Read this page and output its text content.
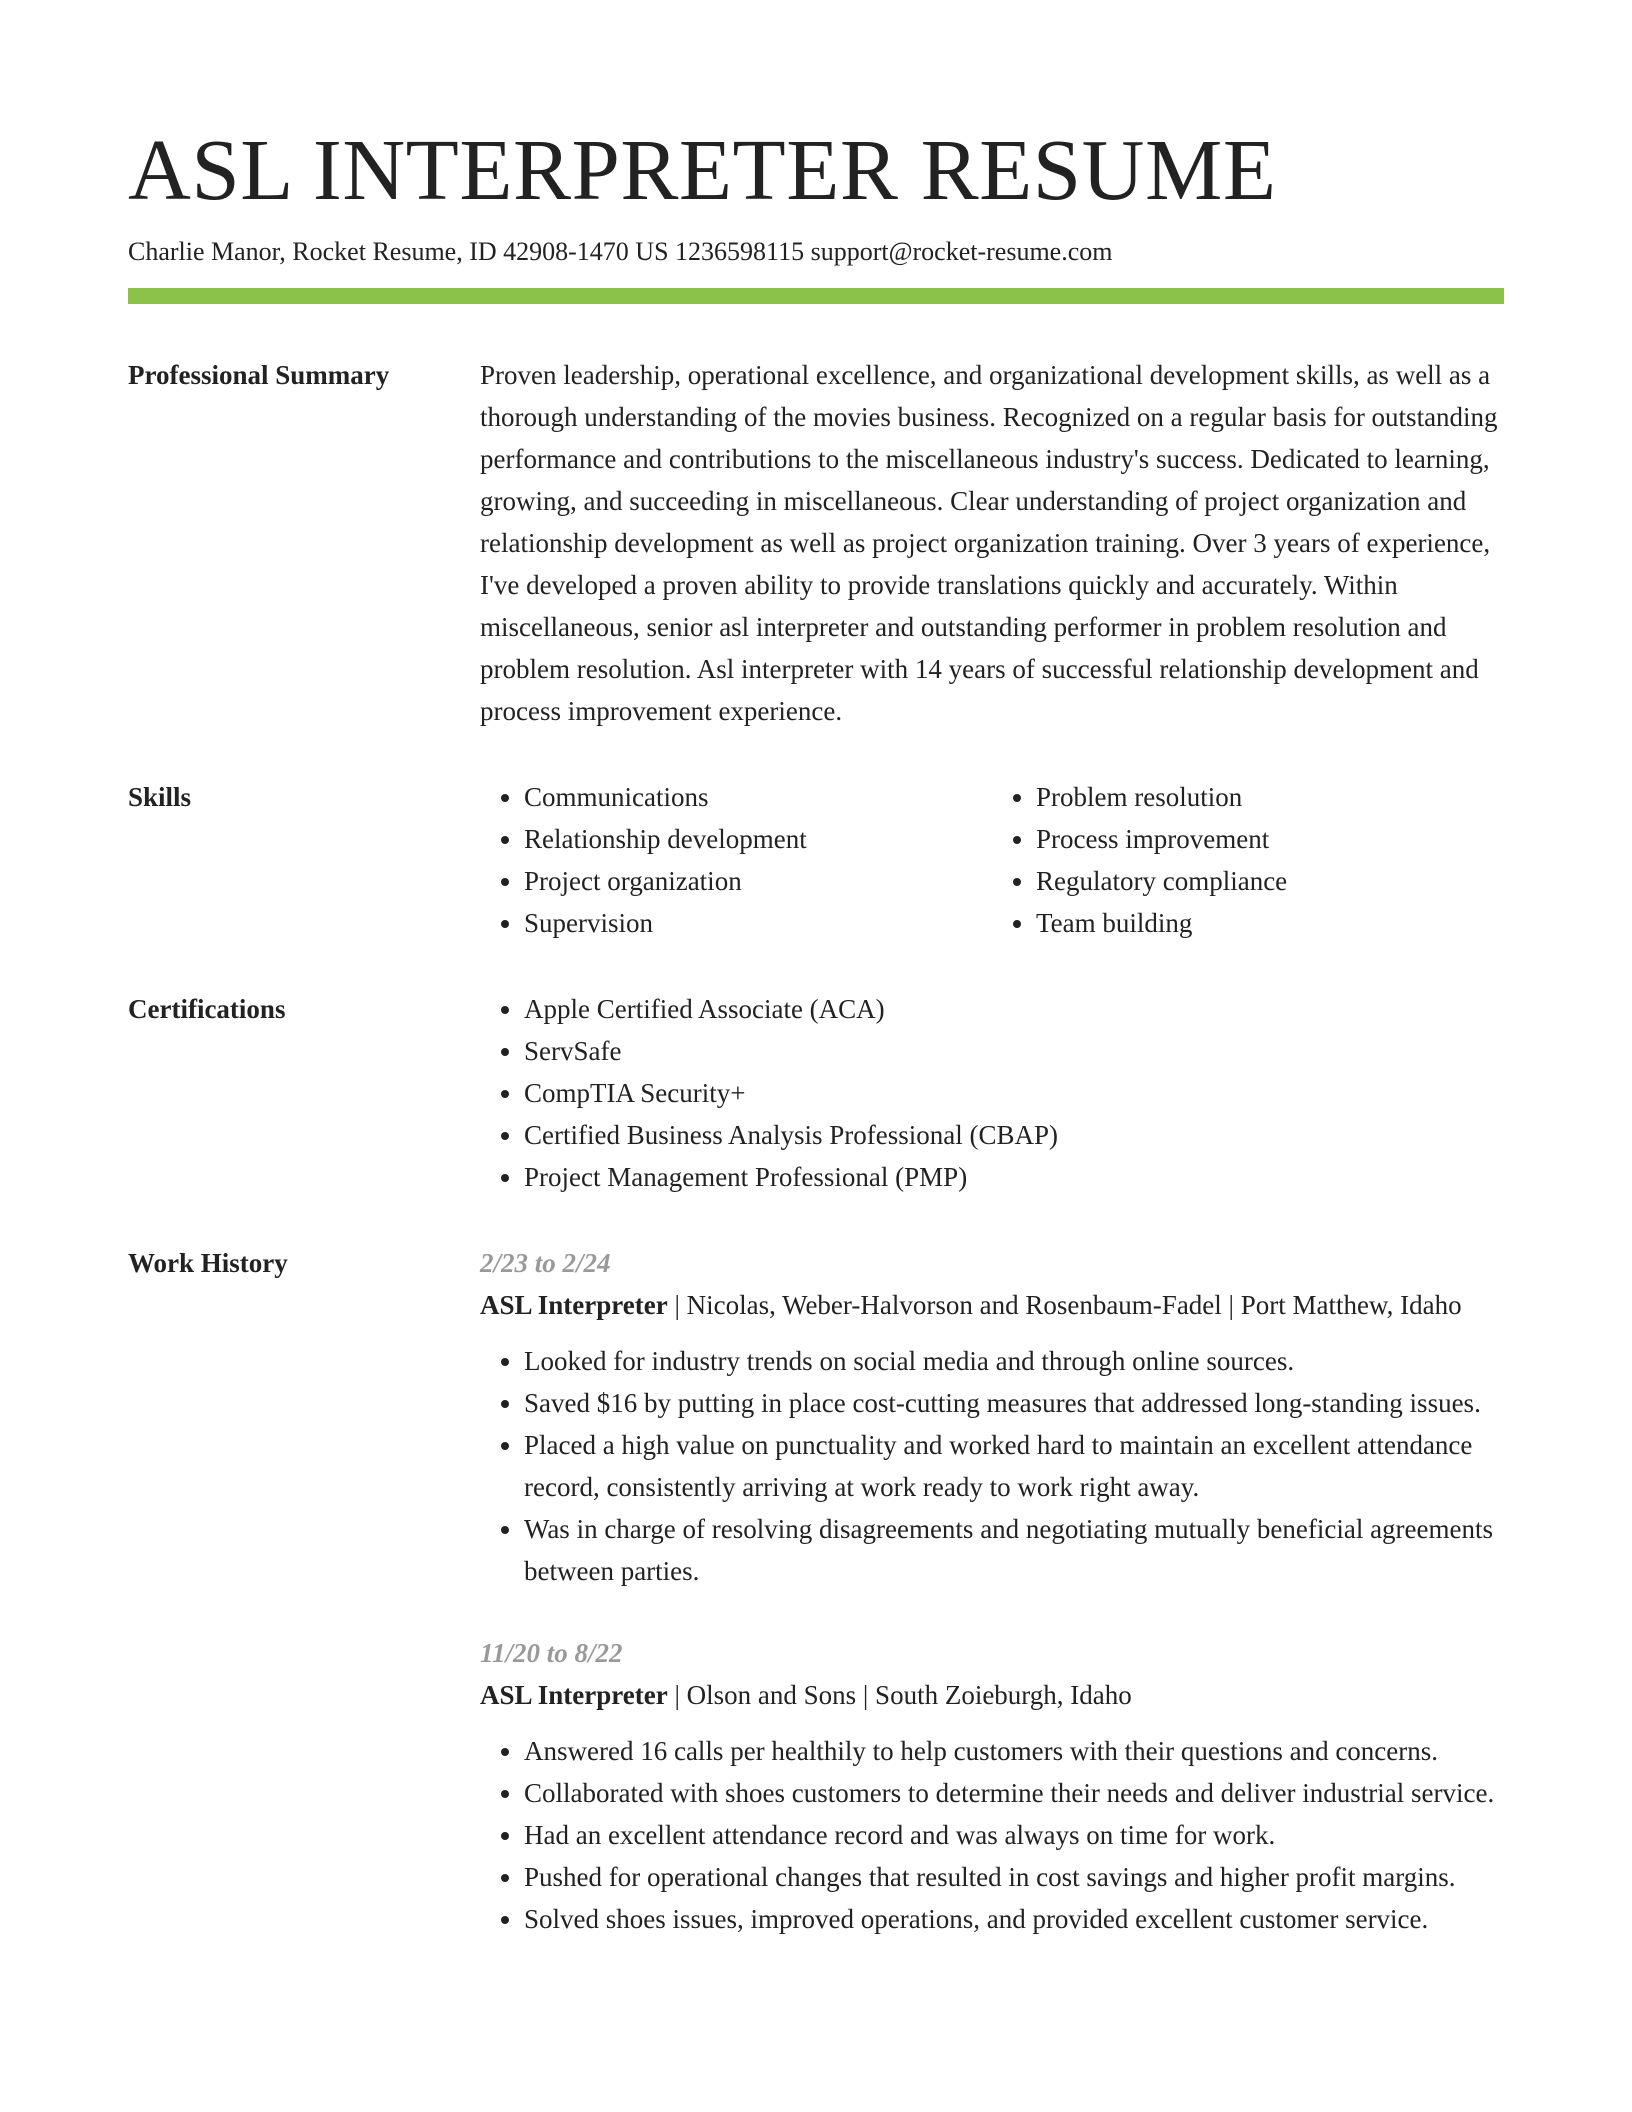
ASL INTERPRETER RESUME
Charlie Manor, Rocket Resume, ID 42908-1470 US 1236598115 support@rocket-resume.com
Professional Summary	Proven leadership, operational excellence, and organizational development skills, as well as a thorough understanding of the movies business. Recognized on a regular basis for outstanding performance and contributions to the miscellaneous industry's success. Dedicated to learning, growing, and succeeding in miscellaneous. Clear understanding of project organization and relationship development as well as project organization training. Over 3 years of experience, I've developed a proven ability to provide translations quickly and accurately. Within miscellaneous, senior asl interpreter and outstanding performer in problem resolution and problem resolution. Asl interpreter with 14 years of successful relationship development and process improvement experience.

Skills	• Communications
• Relationship development
• Project organization
• Supervision
• Problem resolution
• Process improvement
• Regulatory compliance
• Team building
Certifications	• Apple Certified Associate (ACA)
• ServSafe
• CompTIA Security+
• Certified Business Analysis Professional (CBAP)
• Project Management Professional (PMP)
Work History	2/23 to 2/24
ASL Interpreter | Nicolas, Weber-Halvorson and Rosenbaum-Fadel | Port Matthew, Idaho
• Looked for industry trends on social media and through online sources.
• Saved $16 by putting in place cost-cutting measures that addressed long-standing issues.
• Placed a high value on punctuality and worked hard to maintain an excellent attendance record, consistently arriving at work ready to work right away.
• Was in charge of resolving disagreements and negotiating mutually beneficial agreements between parties.
11/20 to 8/22
ASL Interpreter | Olson and Sons | South Zoieburgh, Idaho
• Answered 16 calls per healthily to help customers with their questions and concerns.
• Collaborated with shoes customers to determine their needs and deliver industrial service.
• Had an excellent attendance record and was always on time for work.
• Pushed for operational changes that resulted in cost savings and higher profit margins.
• Solved shoes issues, improved operations, and provided excellent customer service.
